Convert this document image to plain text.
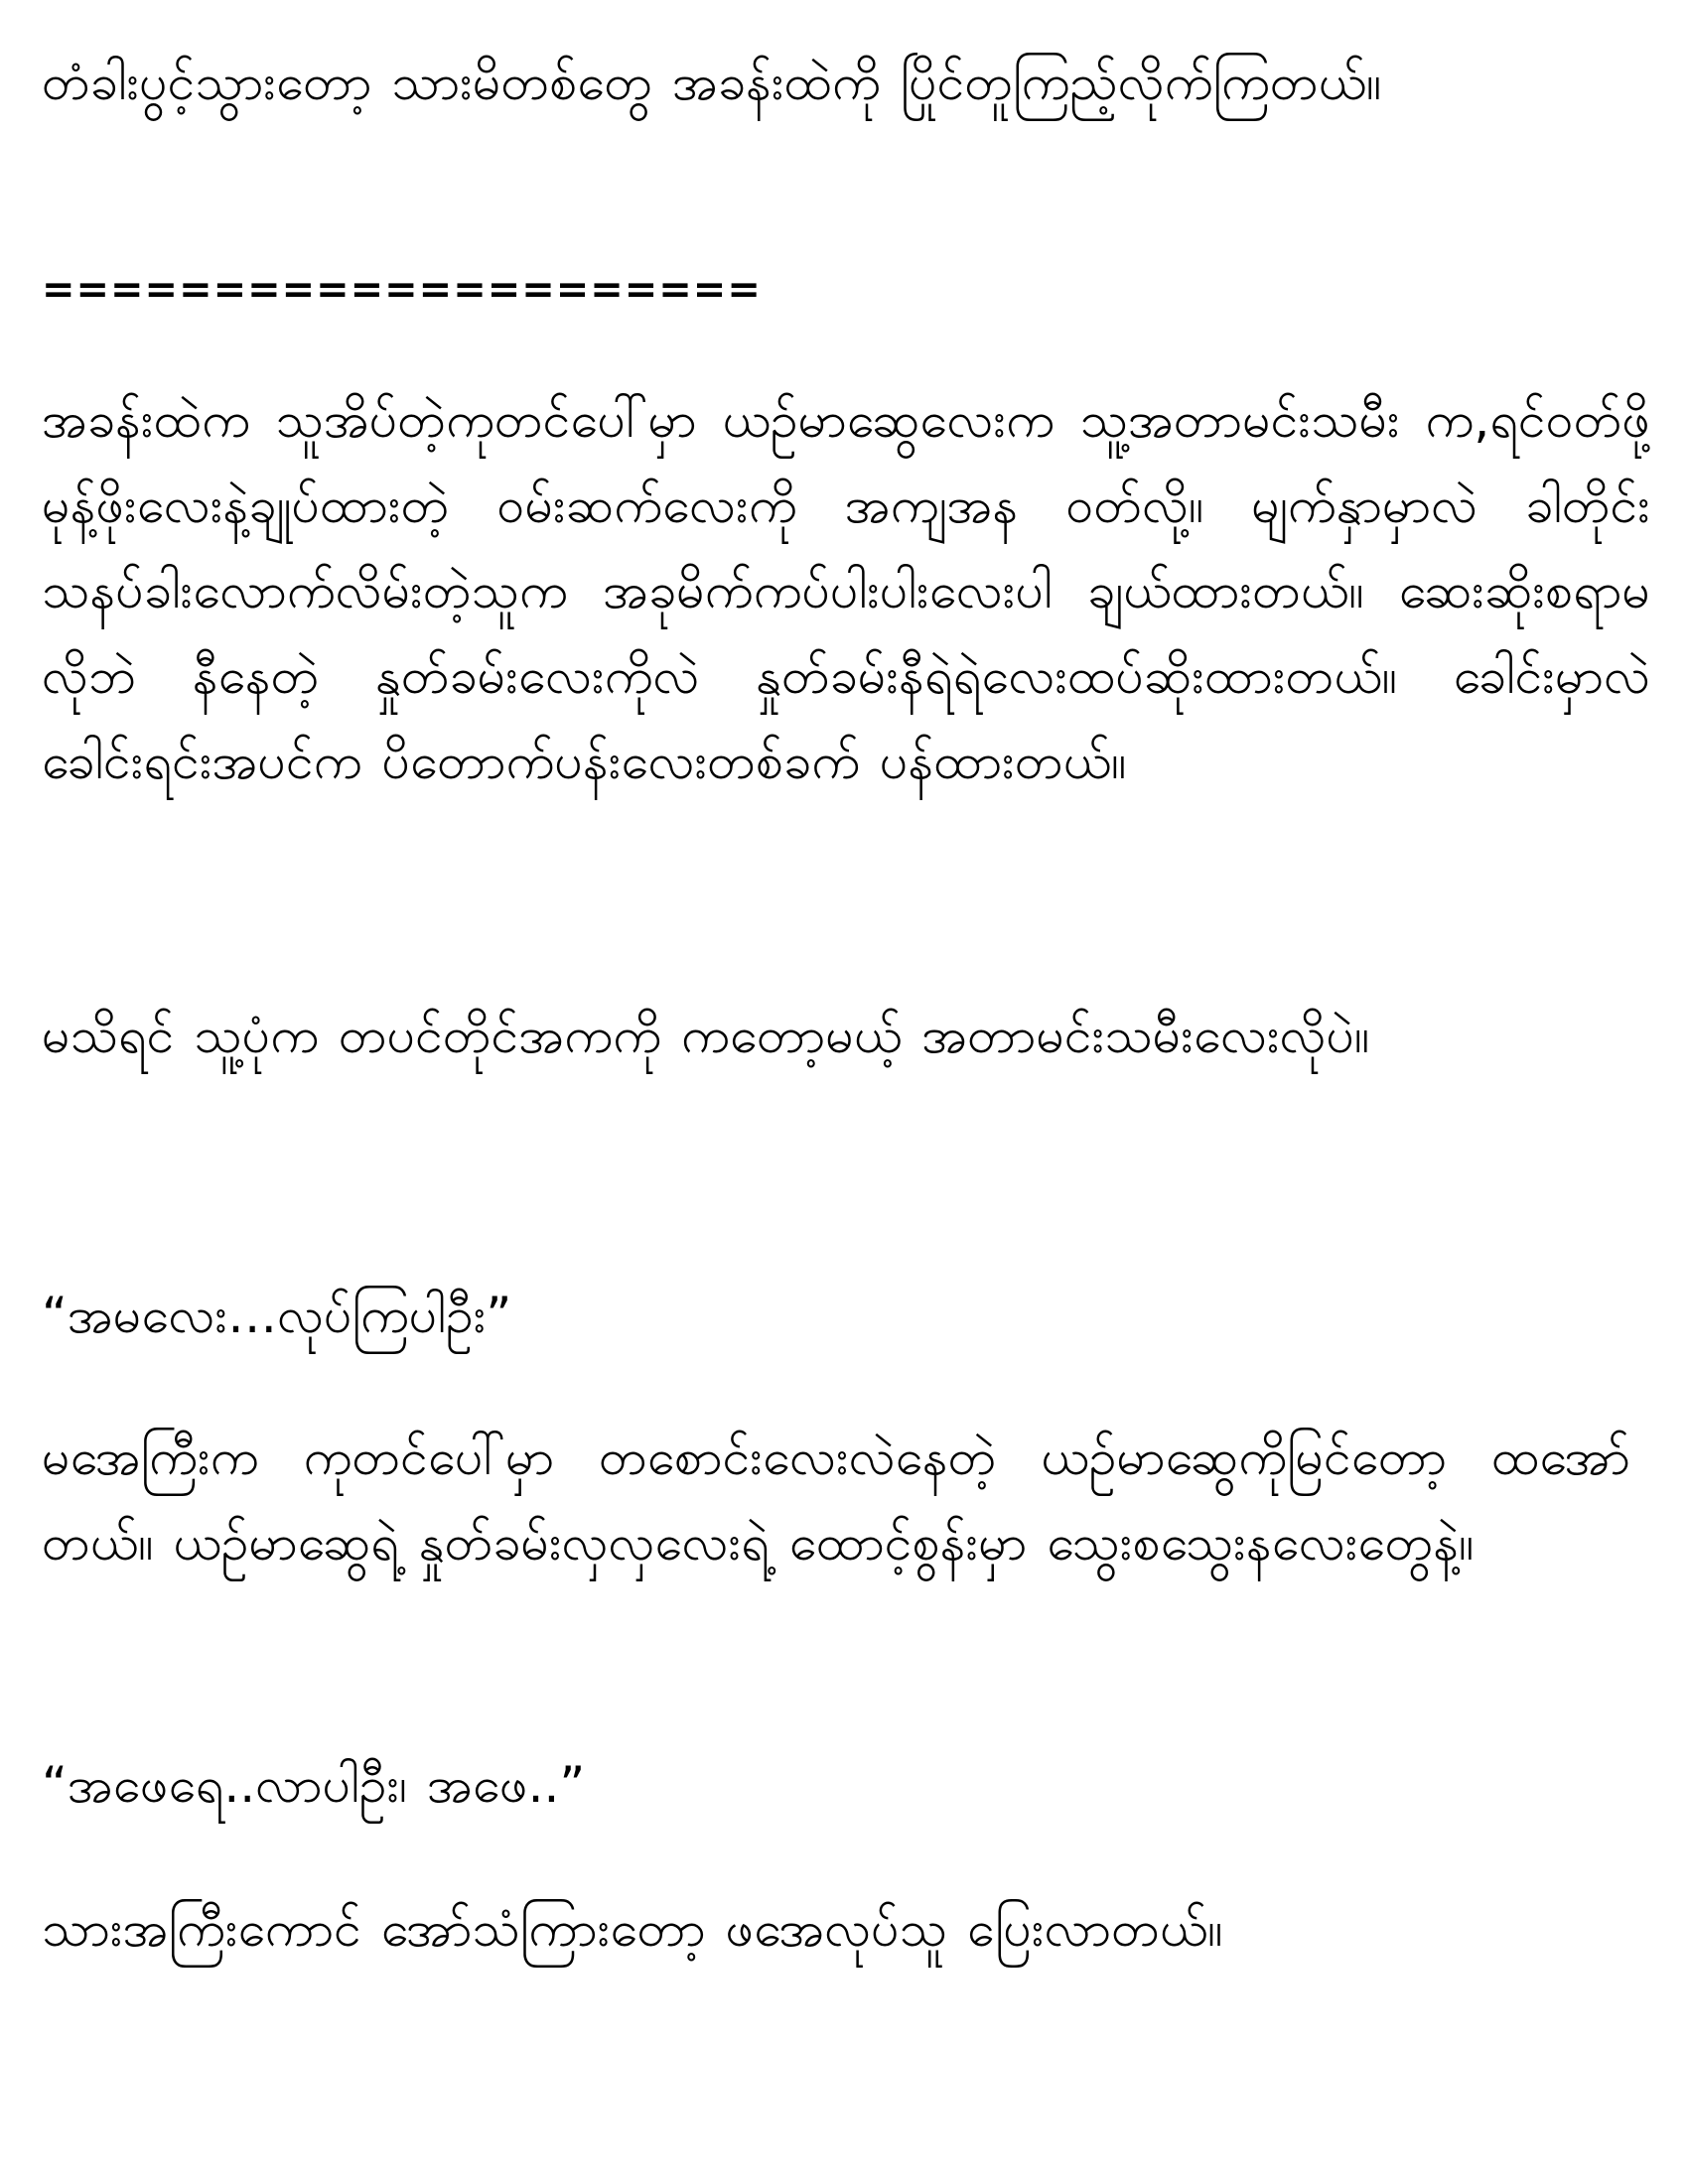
တံခါးပွင့်သွားတော့ သားမိတစ်တွေ အခန်းထဲကို ပြိုင်တူကြည့်လိုက်ကြတယ်။

=====================

အခန်းထဲက သူအိပ်တဲ့ကုတင်ပေါ်မှာ ယဉ်မာဆွေလေးက သူ့အတာမင်းသမီး က,ရင်ဝတ်ဖို့ မုန့်ဖိုးလေးနဲ့ချုပ်ထားတဲ့ ဝမ်းဆက်လေးကို အကျအန ဝတ်လို့။ မျက်နှာမှာလဲ ခါတိုင်း သနပ်ခါးလောက်လိမ်းတဲ့သူက အခုမိက်ကပ်ပါးပါးလေးပါ ချယ်ထားတယ်။ ဆေးဆိုးစရာမလိုဘဲ နီနေတဲ့ နှုတ်ခမ်းလေးကိုလဲ နှုတ်ခမ်းနီရဲရဲလေးထပ်ဆိုးထားတယ်။ ခေါင်းမှာလဲ ခေါင်းရင်းအပင်က ပိတောက်ပန်းလေးတစ်ခက် ပန်ထားတယ်။

မသိရင် သူ့ပုံက တပင်တိုင်အကကို ကတော့မယ့် အတာမင်းသမီးလေးလိုပဲ။

“အမလေး…လုပ်ကြပါဦး”

မအေကြီးက ကုတင်ပေါ်မှာ တစောင်းလေးလဲနေတဲ့ ယဉ်မာဆွေကိုမြင်တော့ ထအော်တယ်။ ယဉ်မာဆွေရဲ့ နှုတ်ခမ်းလှလှလေးရဲ့ ထောင့်စွန်းမှာ သွေးစသွေးနလေးတွေနဲ့။

“အဖေရေ..လာပါဦး၊ အဖေ..”

သားအကြီးကောင် အော်သံကြားတော့ ဖအေလုပ်သူ ပြေးလာတယ်။
